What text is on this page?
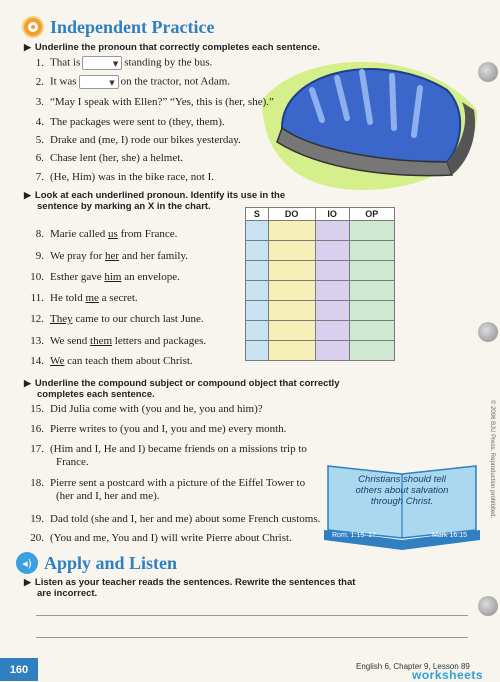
Independent Practice
▶ Underline the pronoun that correctly completes each sentence.
1. That is	▼ standing by the bus.
2. It was	▼ on the tractor, not Adam.
3. “May I speak with Ellen?” “Yes, this is (her, she).”
4. The packages were sent to (they, them).
5. Drake and (me, I) rode our bikes yesterday.
6. Chase lent (her, she) a helmet.
7. (He, Him) was in the bike race, not I.
▶ Look at each underlined pronoun. Identify its use in the
sentence by marking an X in the chart.
S	DO	IO	OP

8. Marie called us from France.
9. We pray for her and her family.
10. Esther gave him an envelope.
11. He told me a secret.
12. They came to our church last June.
13. We send them letters and packages.
14. We can teach them about Christ.
▶ Underline the compound subject or compound object that correctly
completes each sentence.
15. Did Julia come with (you and he, you and him)?
16. Pierre writes to (you and I, you and me) every month.
17. (Him and I, He and I) became friends on a missions trip to
France.
18. Pierre sent a postcard with a picture of the Eiffel Tower to
(her and I, her and me).
19. Dad told (she and I, her and me) about some French customs.
20. (You and me, You and I) will write Pierre about Christ.
Christians should tell others about salvation through Christ.
Rom. 1:15–17	Mark 16:15
◂) Apply and Listen
▶ Listen as your teacher reads the sentences. Rewrite the sentences that
are incorrect.
© 2006 BJU Press. Reproduction prohibited.
160	English 6, Chapter 9, Lesson 89
worksheets
